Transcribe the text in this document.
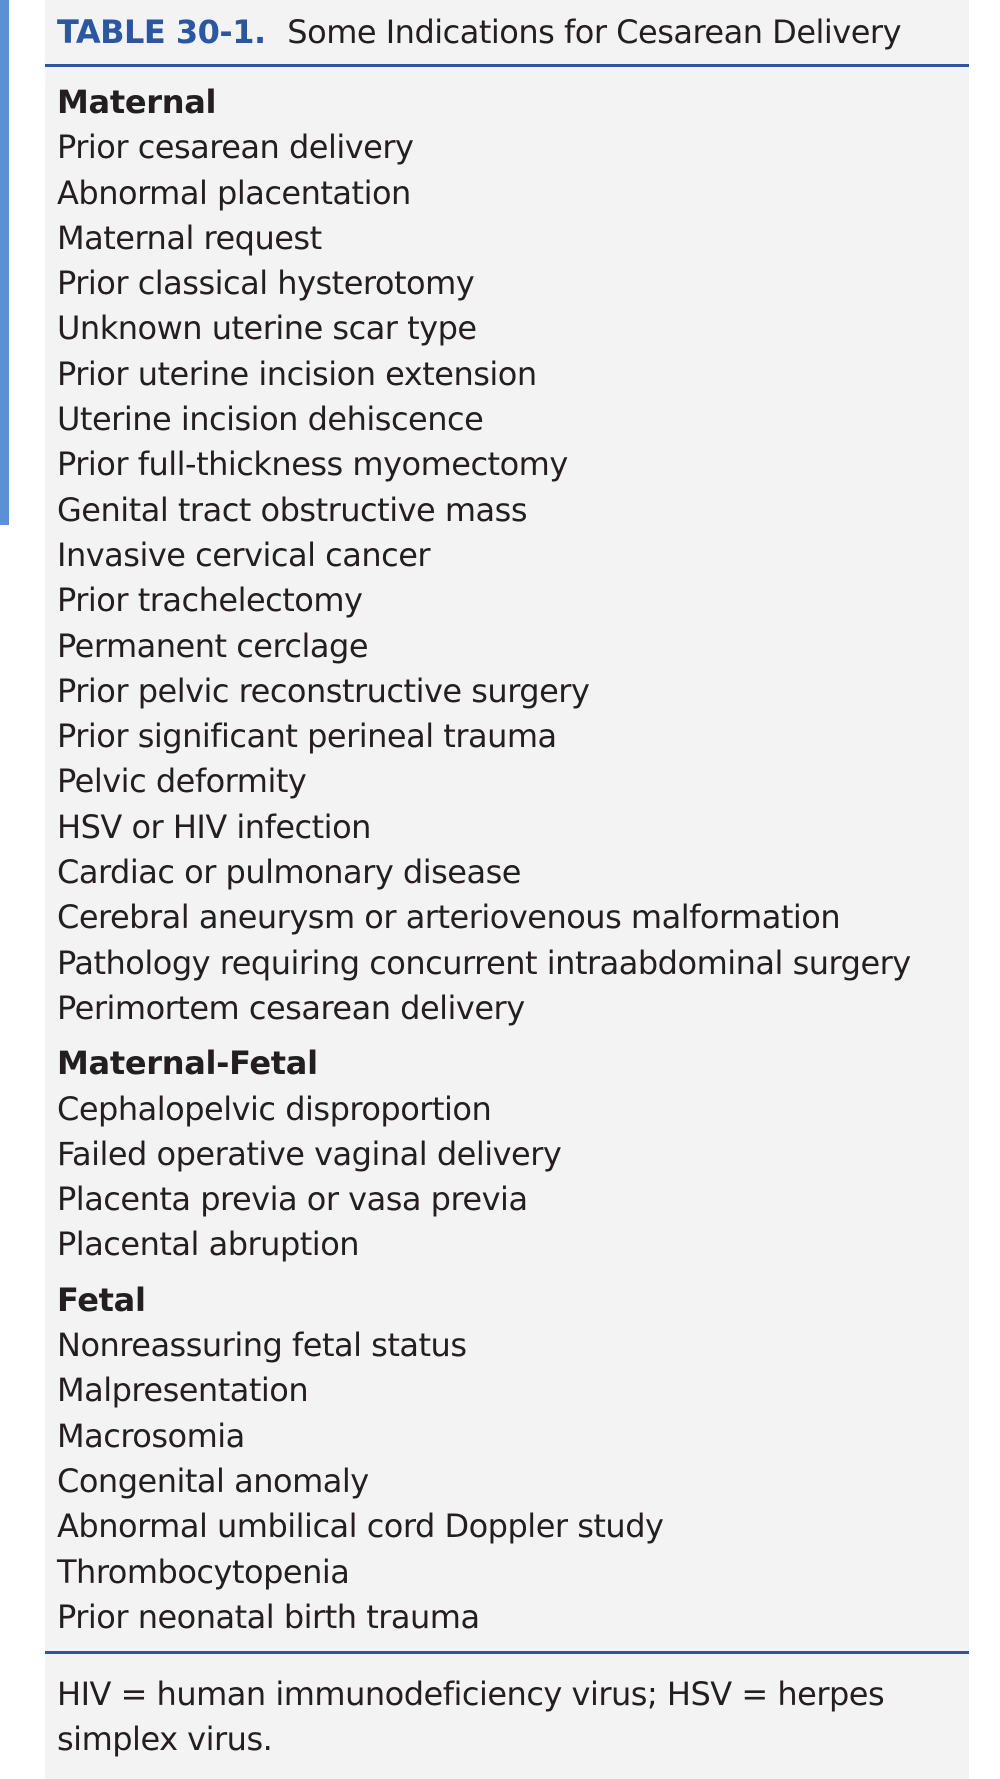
TABLE 30-1. Some Indications for Cesarean Delivery
Maternal
Prior cesarean delivery
Abnormal placentation
Maternal request
Prior classical hysterotomy
Unknown uterine scar type
Prior uterine incision extension
Uterine incision dehiscence
Prior full-thickness myomectomy
Genital tract obstructive mass
Invasive cervical cancer
Prior trachelectomy
Permanent cerclage
Prior pelvic reconstructive surgery
Prior significant perineal trauma
Pelvic deformity
HSV or HIV infection
Cardiac or pulmonary disease
Cerebral aneurysm or arteriovenous malformation
Pathology requiring concurrent intraabdominal surgery
Perimortem cesarean delivery
Maternal-Fetal
Cephalopelvic disproportion
Failed operative vaginal delivery
Placenta previa or vasa previa
Placental abruption
Fetal
Nonreassuring fetal status
Malpresentation
Macrosomia
Congenital anomaly
Abnormal umbilical cord Doppler study
Thrombocytopenia
Prior neonatal birth trauma
HIV = human immunodeficiency virus; HSV = herpes simplex virus.
